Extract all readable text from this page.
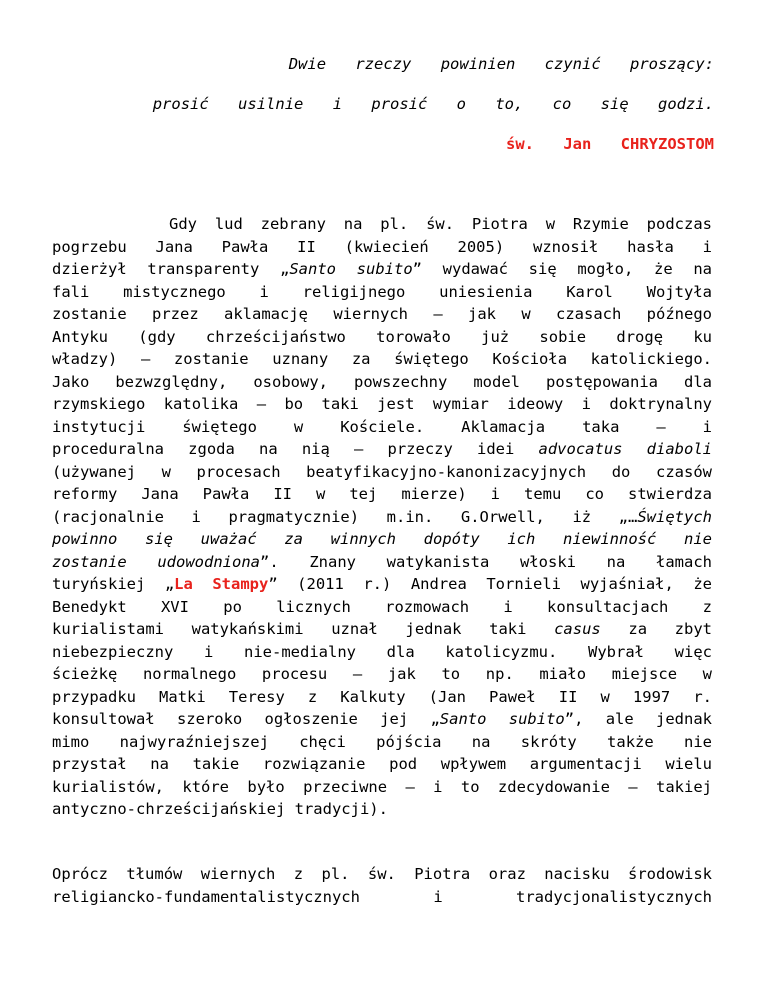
Dwie rzeczy powinien czynić proszący:
prosić usilnie i prosić o to, co się godzi.
św. Jan CHRYZOSTOM
Gdy lud zebrany na pl. św. Piotra w Rzymie podczas
pogrzebu Jana Pawła II (kwiecień 2005) wznosił hasła i
dzierżył transparenty „Santo subito” wydawać się mogło, że na
fali mistycznego i religijnego uniesienia Karol Wojtyła
zostanie przez aklamację wiernych – jak w czasach późnego
Antyku (gdy chrześcijaństwo torowało już sobie drogę ku
władzy) – zostanie uznany za świętego Kościoła katolickiego.
Jako bezwzględny, osobowy, powszechny model postępowania dla
rzymskiego katolika – bo taki jest wymiar ideowy i doktrynalny
instytucji świętego w Kościele. Aklamacja taka – i
proceduralna zgoda na nią – przeczy idei advocatus diaboli
(używanej w procesach beatyfikacyjno-kanonizacyjnych do czasów
reformy Jana Pawła II w tej mierze) i temu co stwierdza
(racjonalnie i pragmatycznie) m.in. G.Orwell, iż „…Świętych
powinno się uważać za winnych dopóty ich niewinność nie
zostanie udowodniona”. Znany watykanista włoski na łamach
turyńskiej „La Stampy” (2011 r.) Andrea Tornieli wyjaśniał, że
Benedykt XVI po licznych rozmowach i konsultacjach z
kurialistami watykańskimi uznał jednak taki casus za zbyt
niebezpieczny i nie-medialny dla katolicyzmu. Wybrał więc
ścieżkę normalnego procesu – jak to np. miało miejsce w
przypadku Matki Teresy z Kalkuty (Jan Paweł II w 1997 r.
konsultował szeroko ogłoszenie jej „Santo subito”, ale jednak
mimo najwyraźniejszej chęci pójścia na skróty także nie
przystał na takie rozwiązanie pod wpływem argumentacji wielu
kurialistów, które było przeciwne – i to zdecydowanie – takiej
antyczno-chrześcijańskiej tradycji).
Oprócz tłumów wiernych z pl. św. Piotra oraz nacisku środowisk
religiancko-fundamentalistycznych i tradycjonalistycznych
